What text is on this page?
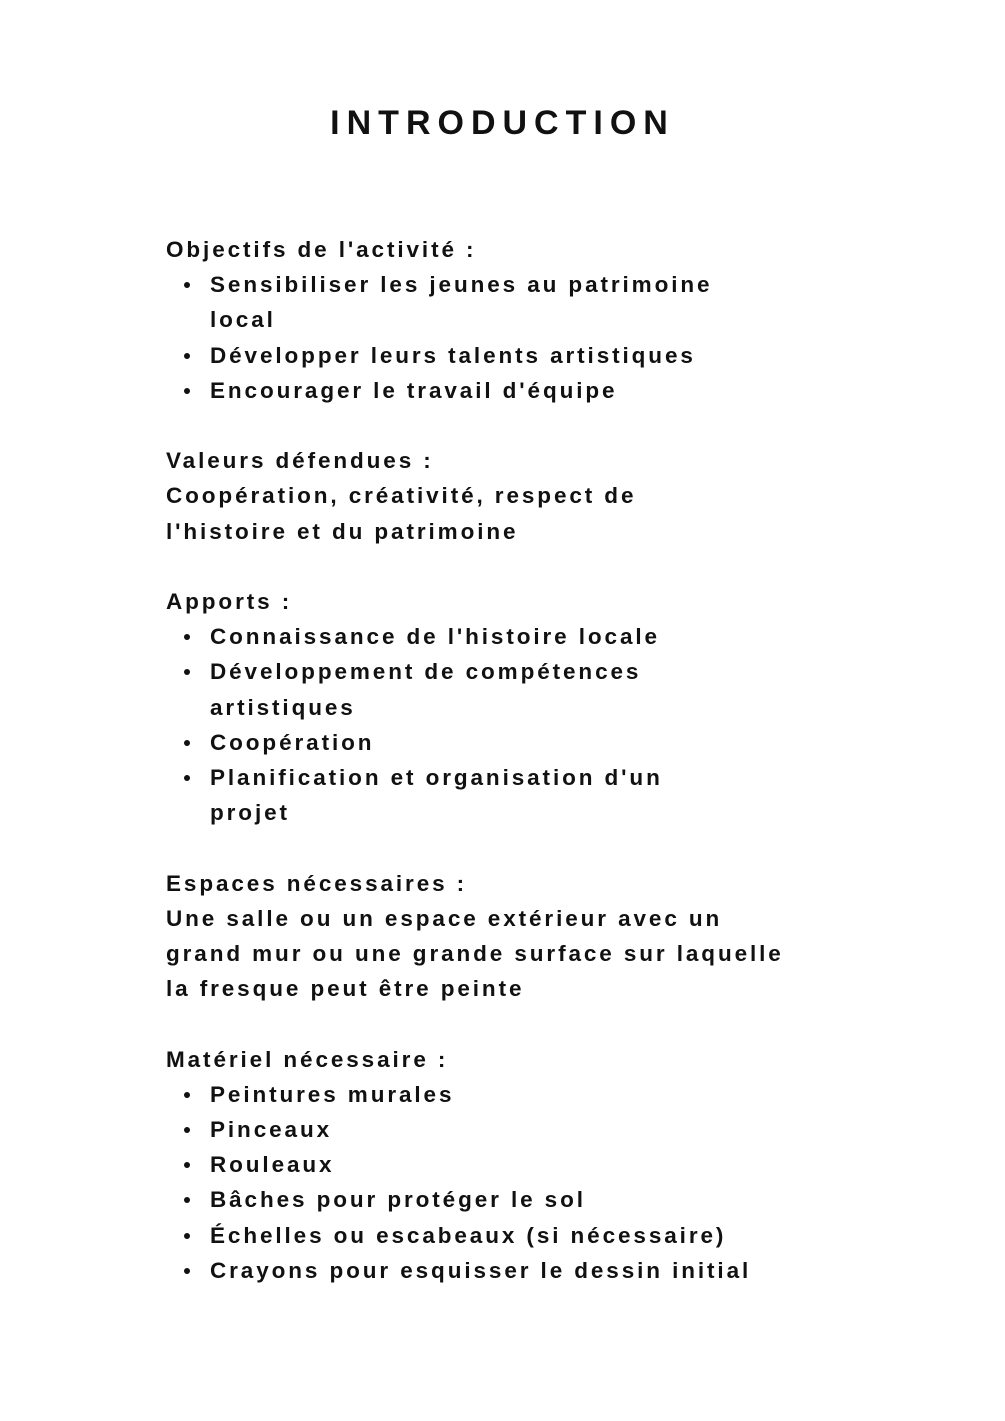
INTRODUCTION

Objectifs de l'activité :

Sensibiliser les jeunes au patrimoine local
Développer leurs talents artistiques
Encourager le travail d'équipe

Valeurs défendues :

Coopération, créativité, respect de l'histoire et du patrimoine

Apports :

Connaissance de l'histoire locale
Développement de compétences artistiques
Coopération
Planification et organisation d'un projet

Espaces nécessaires :

Une salle ou un espace extérieur avec un grand mur ou une grande surface sur laquelle la fresque peut être peinte

Matériel nécessaire :

Peintures murales
Pinceaux
Rouleaux
Bâches pour protéger le sol
Échelles ou escabeaux (si nécessaire)
Crayons pour esquisser le dessin initial
